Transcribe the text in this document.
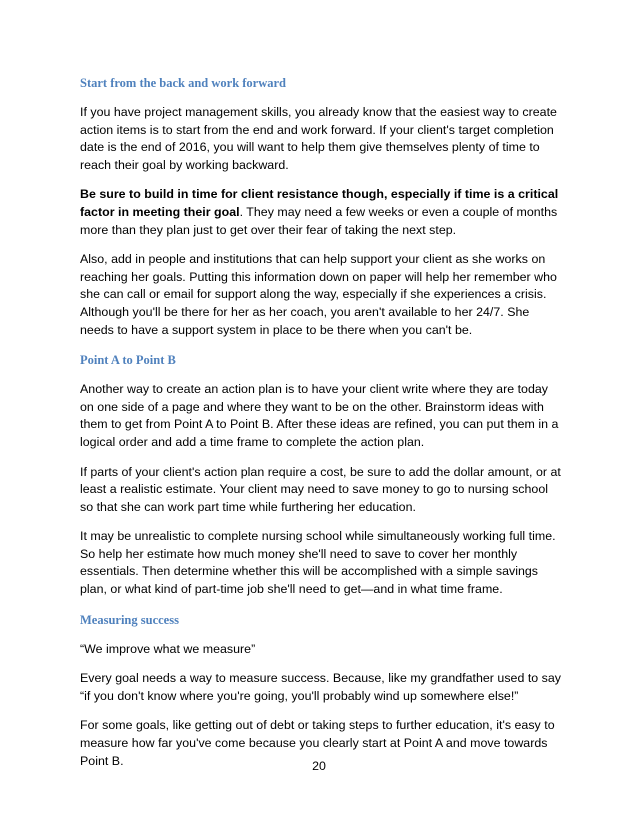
Start from the back and work forward
If you have project management skills, you already know that the easiest way to create
action items is to start from the end and work forward. If your client's target completion
date is the end of 2016, you will want to help them give themselves plenty of time to
reach their goal by working backward.
Be sure to build in time for client resistance though, especially if time is a critical
factor in meeting their goal. They may need a few weeks or even a couple of months
more than they plan just to get over their fear of taking the next step.
Also, add in people and institutions that can help support your client as she works on
reaching her goals. Putting this information down on paper will help her remember who
she can call or email for support along the way, especially if she experiences a crisis.
Although you'll be there for her as her coach, you aren't available to her 24/7. She
needs to have a support system in place to be there when you can't be.
Point A to Point B
Another way to create an action plan is to have your client write where they are today
on one side of a page and where they want to be on the other. Brainstorm ideas with
them to get from Point A to Point B. After these ideas are refined, you can put them in a
logical order and add a time frame to complete the action plan.
If parts of your client's action plan require a cost, be sure to add the dollar amount, or at
least a realistic estimate. Your client may need to save money to go to nursing school
so that she can work part time while furthering her education.
It may be unrealistic to complete nursing school while simultaneously working full time.
So help her estimate how much money she'll need to save to cover her monthly
essentials. Then determine whether this will be accomplished with a simple savings
plan, or what kind of part-time job she'll need to get—and in what time frame.
Measuring success
“We improve what we measure”
Every goal needs a way to measure success. Because, like my grandfather used to say
“if you don't know where you're going, you'll probably wind up somewhere else!”
For some goals, like getting out of debt or taking steps to further education, it's easy to
measure how far you've come because you clearly start at Point A and move towards
Point B.	20
